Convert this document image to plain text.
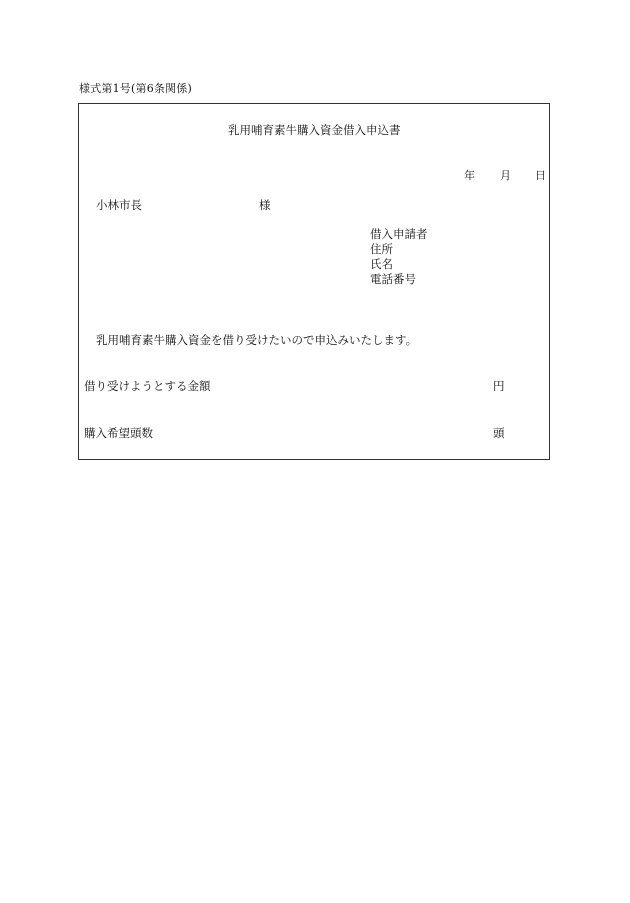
様式第1号(第6条関係)
乳用哺育素牛購入資金借入申込書
年 月 日
小林市長	様
借入申請者
住所
氏名
電話番号
乳用哺育素牛購入資金を借り受けたいので申込みいたします。
借り受けようとする金額	円
購入希望頭数	頭
